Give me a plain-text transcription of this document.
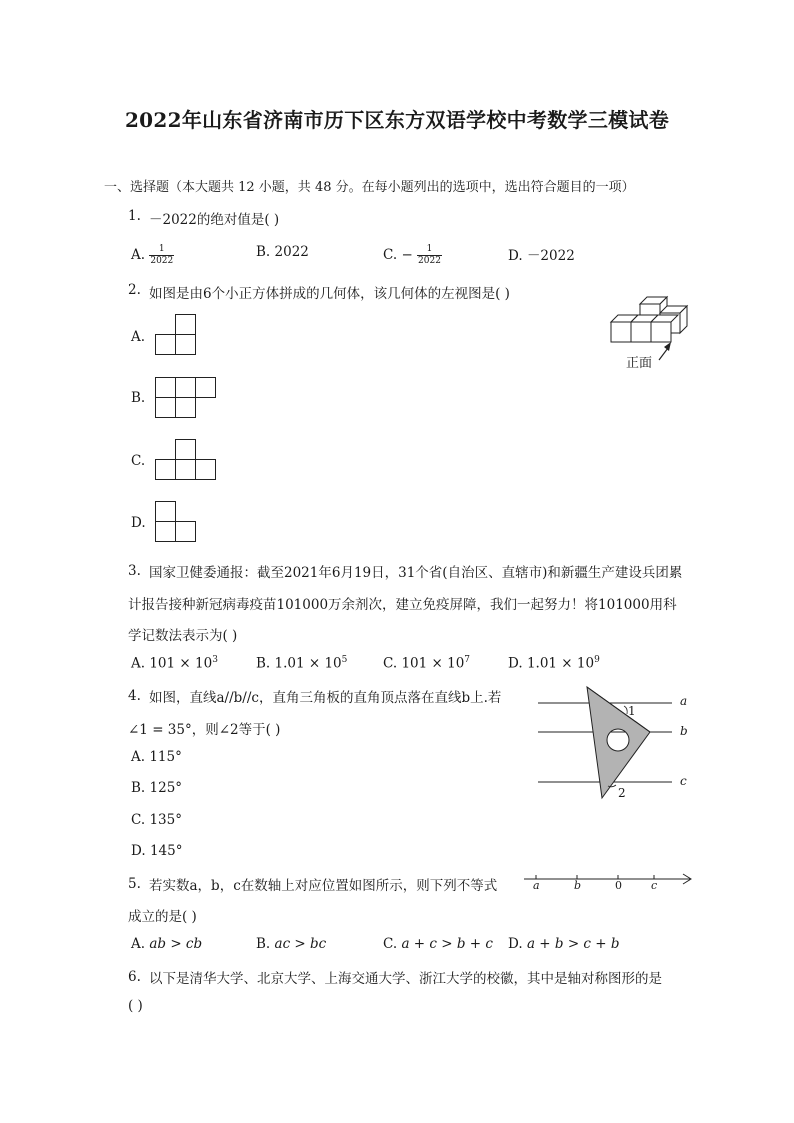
2022年山东省济南市历下区东方双语学校中考数学三模试卷
一、选择题（本大题共 12 小题，共 48 分。在每小题列出的选项中，选出符合题目的一项）
1. －2022的绝对值是( )
A. $\frac{1}{2022}$	B. 2022	C. − $\frac{1}{2022}$	D. －2022
2. 如图是由6个小正方体拼成的几何体，该几何体的左视图是( )
正面
A.
B.
C.
D.
3. 国家卫健委通报：截至2021年6月19日，31个省(自治区、直辖市)和新疆生产建设兵团累
计报告接种新冠病毒疫苗101000万余剂次，建立免疫屏障，我们一起努力！将101000用科
学记数法表示为( )
A. $101 \times 10^3$	B. $1.01 \times 10^5$	C. $101 \times 10^7$	D. $1.01 \times 10^9$
4. 如图，直线a//b//c，直角三角板的直角顶点落在直线b上.若
∠1 = 35°，则∠2等于( )
A. 115°
B. 125°
C. 135°
D. 145°
a
b
c
1
2
5. 若实数a，b，c在数轴上对应位置如图所示，则下列不等式
成立的是( )
a	b	0	c
A. ab > cb	B. ac > bc	C. a + c > b + c D. a + b > c + b
6. 以下是清华大学、北京大学、上海交通大学、浙江大学的校徽，其中是轴对称图形的是
( )
